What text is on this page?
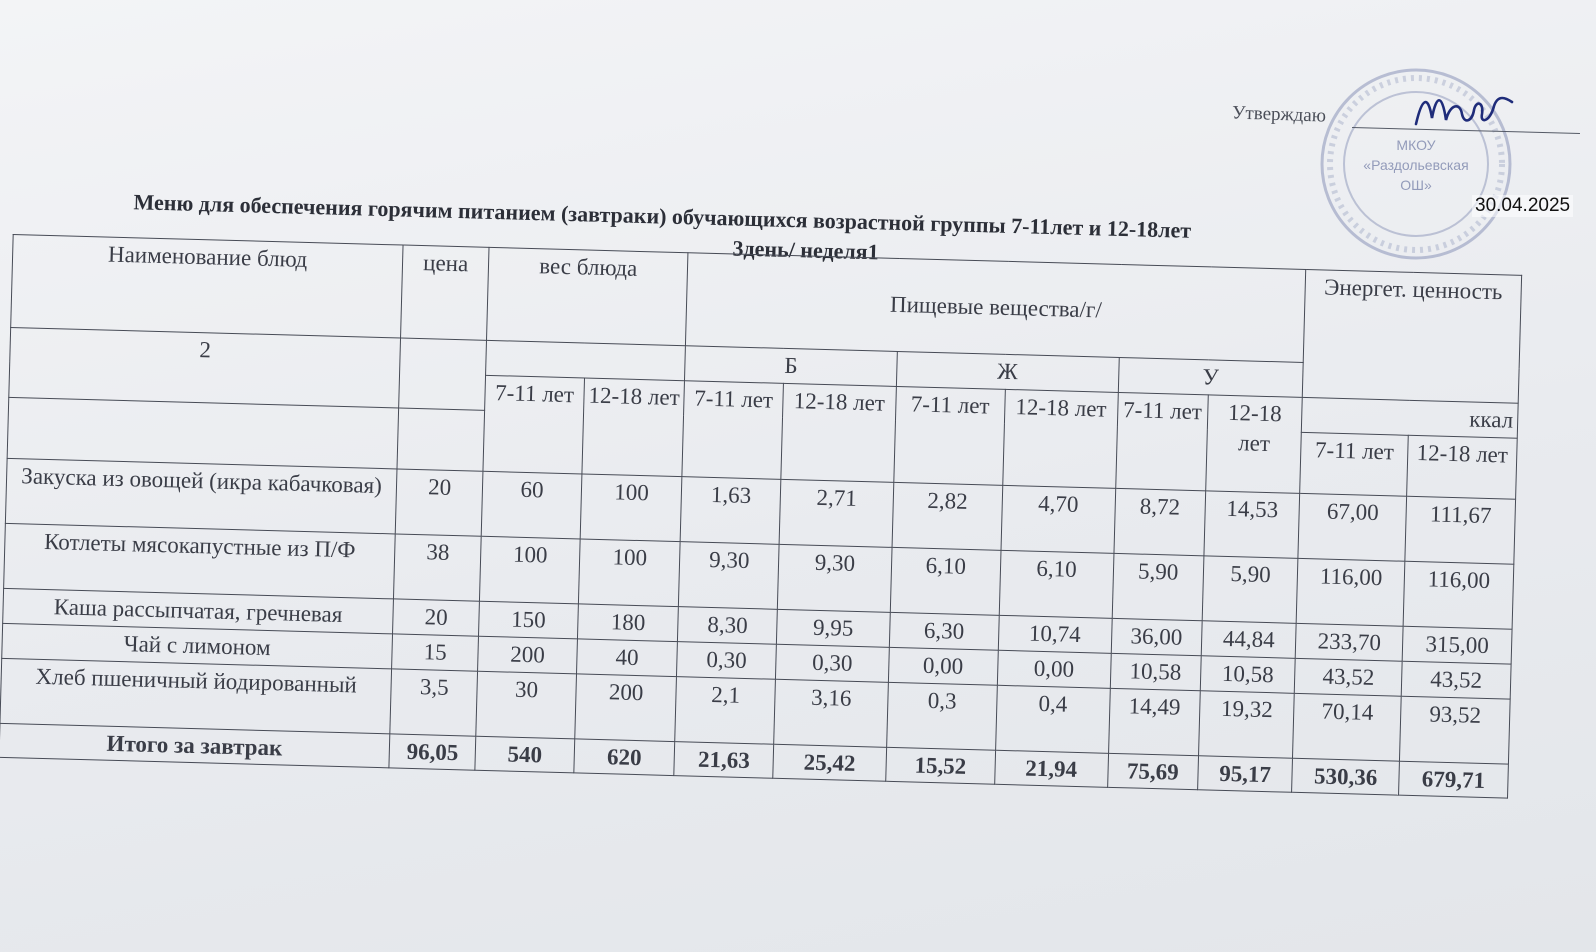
МКОУ
«Раздольевская
ОШ»
Утверждаю
30.04.2025
Меню для обеспечения горячим питанием (завтраки) обучающихся возрастной группы 7-11лет и 12-18лет
3день/ неделя1
Наименование блюд	цена	вес блюда		Пищевые вещества/г/						Энергет. ценность	
2				Б		Ж		У			
		7-11 лет	12-18 лет	7-11 лет	12-18 лет	7-11 лет	12-18 лет	7-11 лет	12-18 лет	ккал	
										7-11 лет	12-18 лет
Закуска из овощей (икра кабачковая)	20	60	100	1,63	2,71	2,82	4,70	8,72	14,53	67,00	111,67
Котлеты мясокапустные из П/Ф	38	100	100	9,30	9,30	6,10	6,10	5,90	5,90	116,00	116,00
Каша рассыпчатая, гречневая	20	150	180	8,30	9,95	6,30	10,74	36,00	44,84	233,70	315,00
Чай с лимоном	15	200	40	0,30	0,30	0,00	0,00	10,58	10,58	43,52	43,52
Хлеб пшеничный йодированный	3,5	30	200	2,1	3,16	0,3	0,4	14,49	19,32	70,14	93,52
Итого за завтрак	96,05	540	620	21,63	25,42	15,52	21,94	75,69	95,17	530,36	679,71
